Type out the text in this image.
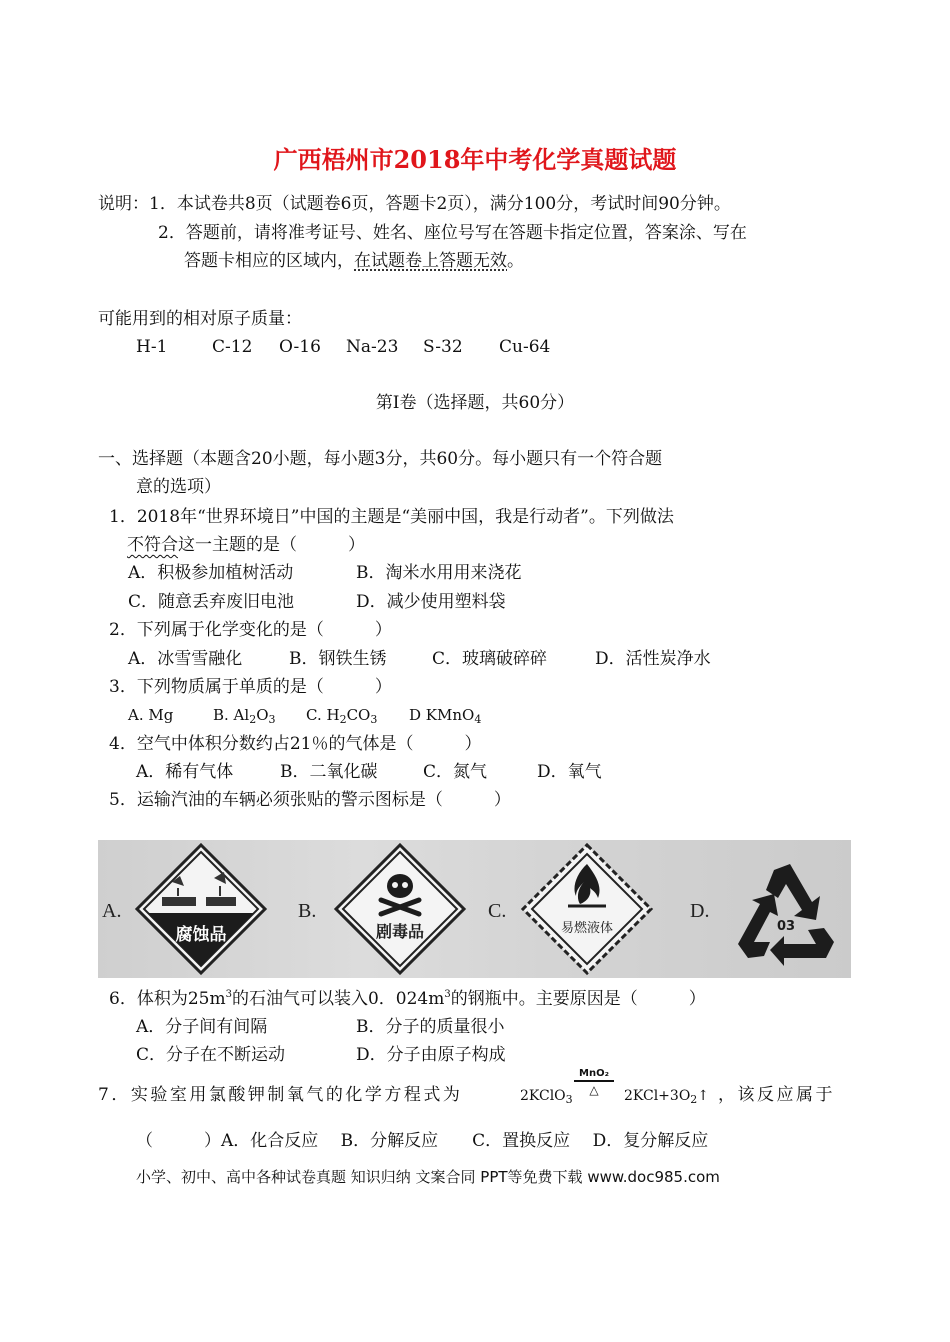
广西梧州市2018年中考化学真题试题
说明：1．本试卷共8页（试题卷6页，答题卡2页），满分100分，考试时间90分钟。
2．答题前，请将准考证号、姓名、座位号写在答题卡指定位置，答案涂、写在
答题卡相应的区域内，在试题卷上答题无效。
可能用到的相对原子质量：
H-1	C-12 O-16 Na-23 S-32 Cu-64
第Ⅰ卷（选择题，共60分）
一、选择题（本题含20小题，每小题3分，共60分。每小题只有一个符合题
意的选项）
1．2018年“世界环境日”中国的主题是“美丽中国，我是行动者”。下列做法
不符合这一主题的是（　　　）
A．积极参加植树活动	B．淘米水用用来浇花
C．随意丢弃废旧电池	D．减少使用塑料袋
2．下列属于化学变化的是（　　　）
A．冰雪雪融化	B．钢铁生锈	C．玻璃破碎碎	D．活性炭净水
3．下列物质属于单质的是（　　　）
A. Mg	B. $Al_2O_3$ C. $H_2CO_3$ D KMnO$_4$
4．空气中体积分数约占21％的气体是（　　　）
A．稀有气体	B．二氧化碳	C．氮气	D．氧气
5．运输汽油的车辆必须张贴的警示图标是（　　　）
A.	B.	C.	D.
腐蚀品	剧毒品	易燃液体	03
6．体积为$25m^3$的石油气可以装入0．$024m^3$的钢瓶中。主要原因是（　　　）
A．分子间有间隔	B．分子的质量很小
C．分子在不断运动	D．分子由原子构成
7．实验室用氯酸钾制氧气的化学方程式为	2KClO$_3$
MnO₂
△	$2KCl+3O_2↑$ ，该反应属于
（　　　）A．化合反应　 B．分解反应　　C．置换反应　 D．复分解反应
小学、初中、高中各种试卷真题 知识归纳 文案合同 PPT等免费下载 www.doc985.com
